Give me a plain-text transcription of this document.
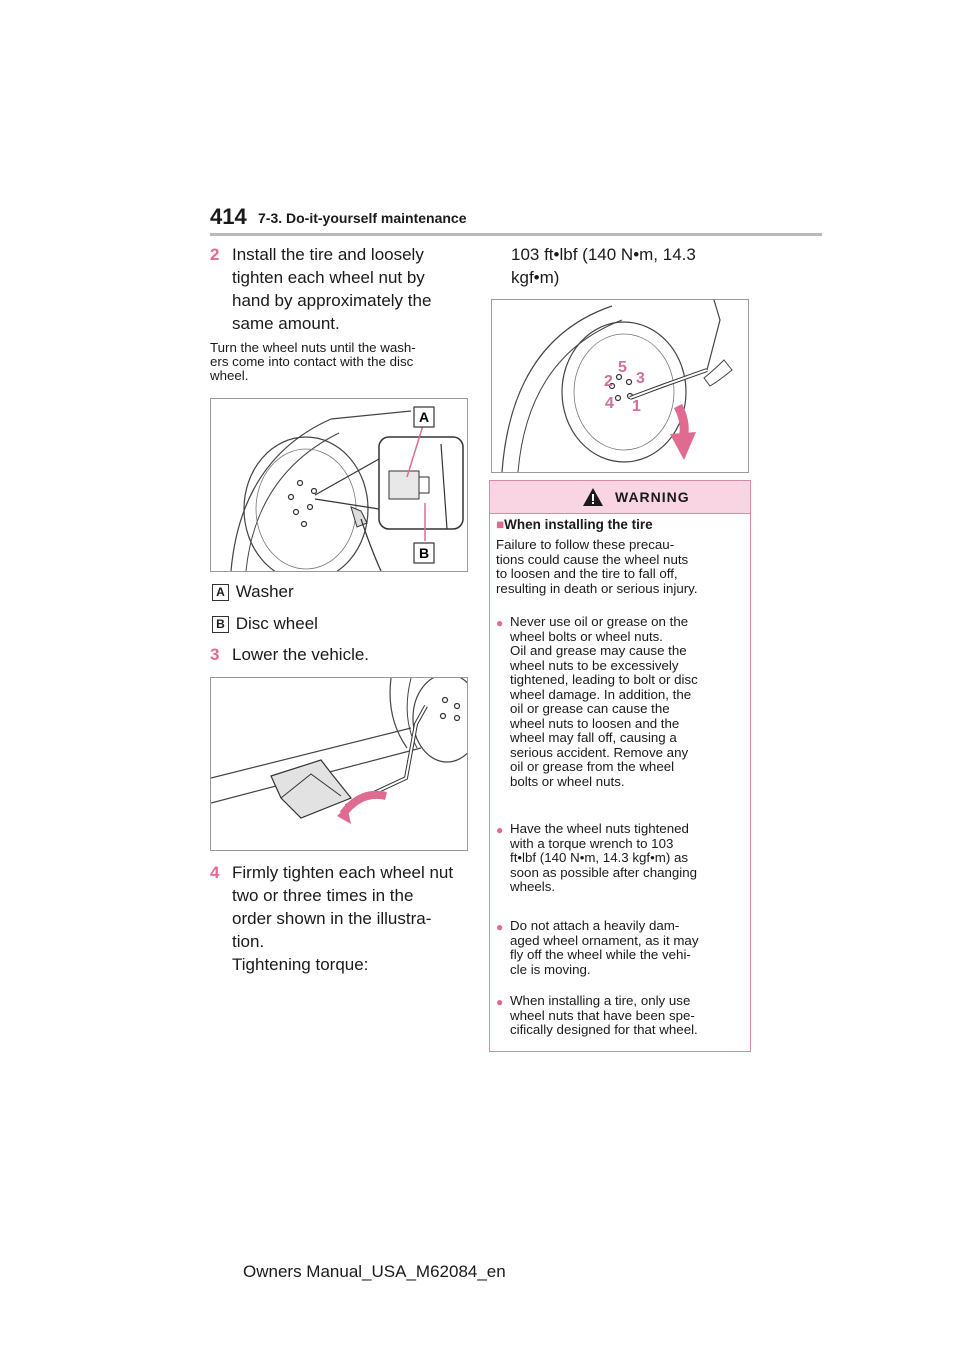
414 7-3. Do-it-yourself maintenance
2 Install the tire and loosely
tighten each wheel nut by
hand by approximately the
same amount.
Turn the wheel nuts until the wash-
ers come into contact with the disc
wheel.
A
B
A Washer
B Disc wheel
3 Lower the vehicle.
4 Firmly tighten each wheel nut
two or three times in the
order shown in the illustra-
tion.
Tightening torque:
103 ft•lbf (140 N•m, 14.3
kgf•m)
1
2 3
4
5
WARNING
■When installing the tire
Failure to follow these precau-
tions could cause the wheel nuts
to loosen and the tire to fall off,
resulting in death or serious injury.
● Never use oil or grease on the
wheel bolts or wheel nuts.
Oil and grease may cause the
wheel nuts to be excessively
tightened, leading to bolt or disc
wheel damage. In addition, the
oil or grease can cause the
wheel nuts to loosen and the
wheel may fall off, causing a
serious accident. Remove any
oil or grease from the wheel
bolts or wheel nuts.
● Have the wheel nuts tightened
with a torque wrench to 103
ft•lbf (140 N•m, 14.3 kgf•m) as
soon as possible after changing
wheels.
● Do not attach a heavily dam-
aged wheel ornament, as it may
fly off the wheel while the vehi-
cle is moving.
● When installing a tire, only use
wheel nuts that have been spe-
cifically designed for that wheel.
Owners Manual_USA_M62084_en
